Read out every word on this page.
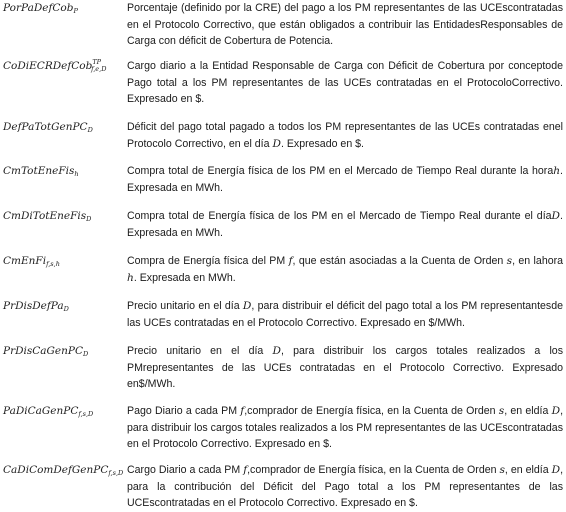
PorPaDefCob$_P$	Porcentaje (definido por la CRE) del pago a los PM representantes de las UCEscontratadas en el Protocolo Correctivo, que están obligados a contribuir las EntidadesResponsables de Carga con déficit de Cobertura de Potencia.
CoDiECRDefCob$^{TP}_{f,e,D}$	Cargo diario a la Entidad Responsable de Carga con Déficit de Cobertura por conceptode Pago total a los PM representantes de las UCEs contratadas en el ProtocoloCorrectivo. Expresado en $.
DefPaTotGenPC$_D$	Déficit del pago total pagado a todos los PM representantes de las UCEs contratadas enel Protocolo Correctivo, en el día D. Expresado en $.
CmTotEneFis$_h$	Compra total de Energía física de los PM en el Mercado de Tiempo Real durante la horah. Expresada en MWh.
CmDiTotEneFis$_D$	Compra total de Energía física de los PM en el Mercado de Tiempo Real durante el díaD. Expresada en MWh.
CmEnFi$_{f,s,h}$	Compra de Energía física del PM f, que están asociadas a la Cuenta de Orden s, en lahora h. Expresada en MWh.
PrDisDefPa$_D$	Precio unitario en el día D, para distribuir el déficit del pago total a los PM representantesde las UCEs contratadas en el Protocolo Correctivo. Expresado en $/MWh.
PrDisCaGenPC$_D$	Precio unitario en el día D, para distribuir los cargos totales realizados a los PMrepresentantes de las UCEs contratadas en el Protocolo Correctivo. Expresado en$/MWh.
PaDiCaGenPC$_{f,s,D}$	Pago Diario a cada PM f,comprador de Energía física, en la Cuenta de Orden s, en eldía D, para distribuir los cargos totales realizados a los PM representantes de las UCEscontratadas en el Protocolo Correctivo. Expresado en $.
CaDiComDefGenPC$_{f,s,D}$ Cargo Diario a cada PM f,comprador de Energía física, en la Cuenta de Orden s, en eldía D, para la contribución del Déficit del Pago total a los PM representantes de las UCEscontratadas en el Protocolo Correctivo. Expresado en $.
